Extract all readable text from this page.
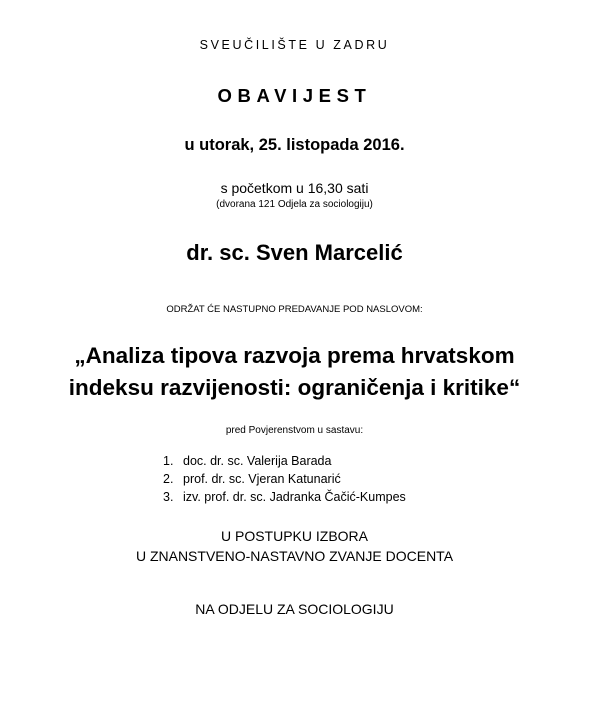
SVEUČILIŠTE U ZADRU

OBAVIJEST

u utorak, 25. listopada 2016.

s početkom u 16,30 sati

(dvorana 121 Odjela za sociologiju)

dr. sc. Sven Marcelić

ODRŽAT ĆE NASTUPNO PREDAVANJE POD NASLOVOM:

„Analiza tipova razvoja prema hrvatskom
indeksu razvijenosti: ograničenja i kritike“

pred Povjerenstvom u sastavu:

1. doc. dr. sc. Valerija Barada
2. prof. dr. sc. Vjeran Katunarić
3. izv. prof. dr. sc. Jadranka Čačić-Kumpes

U POSTUPKU IZBORA

U ZNANSTVENO-NASTAVNO ZVANJE DOCENTA

NA ODJELU ZA SOCIOLOGIJU
